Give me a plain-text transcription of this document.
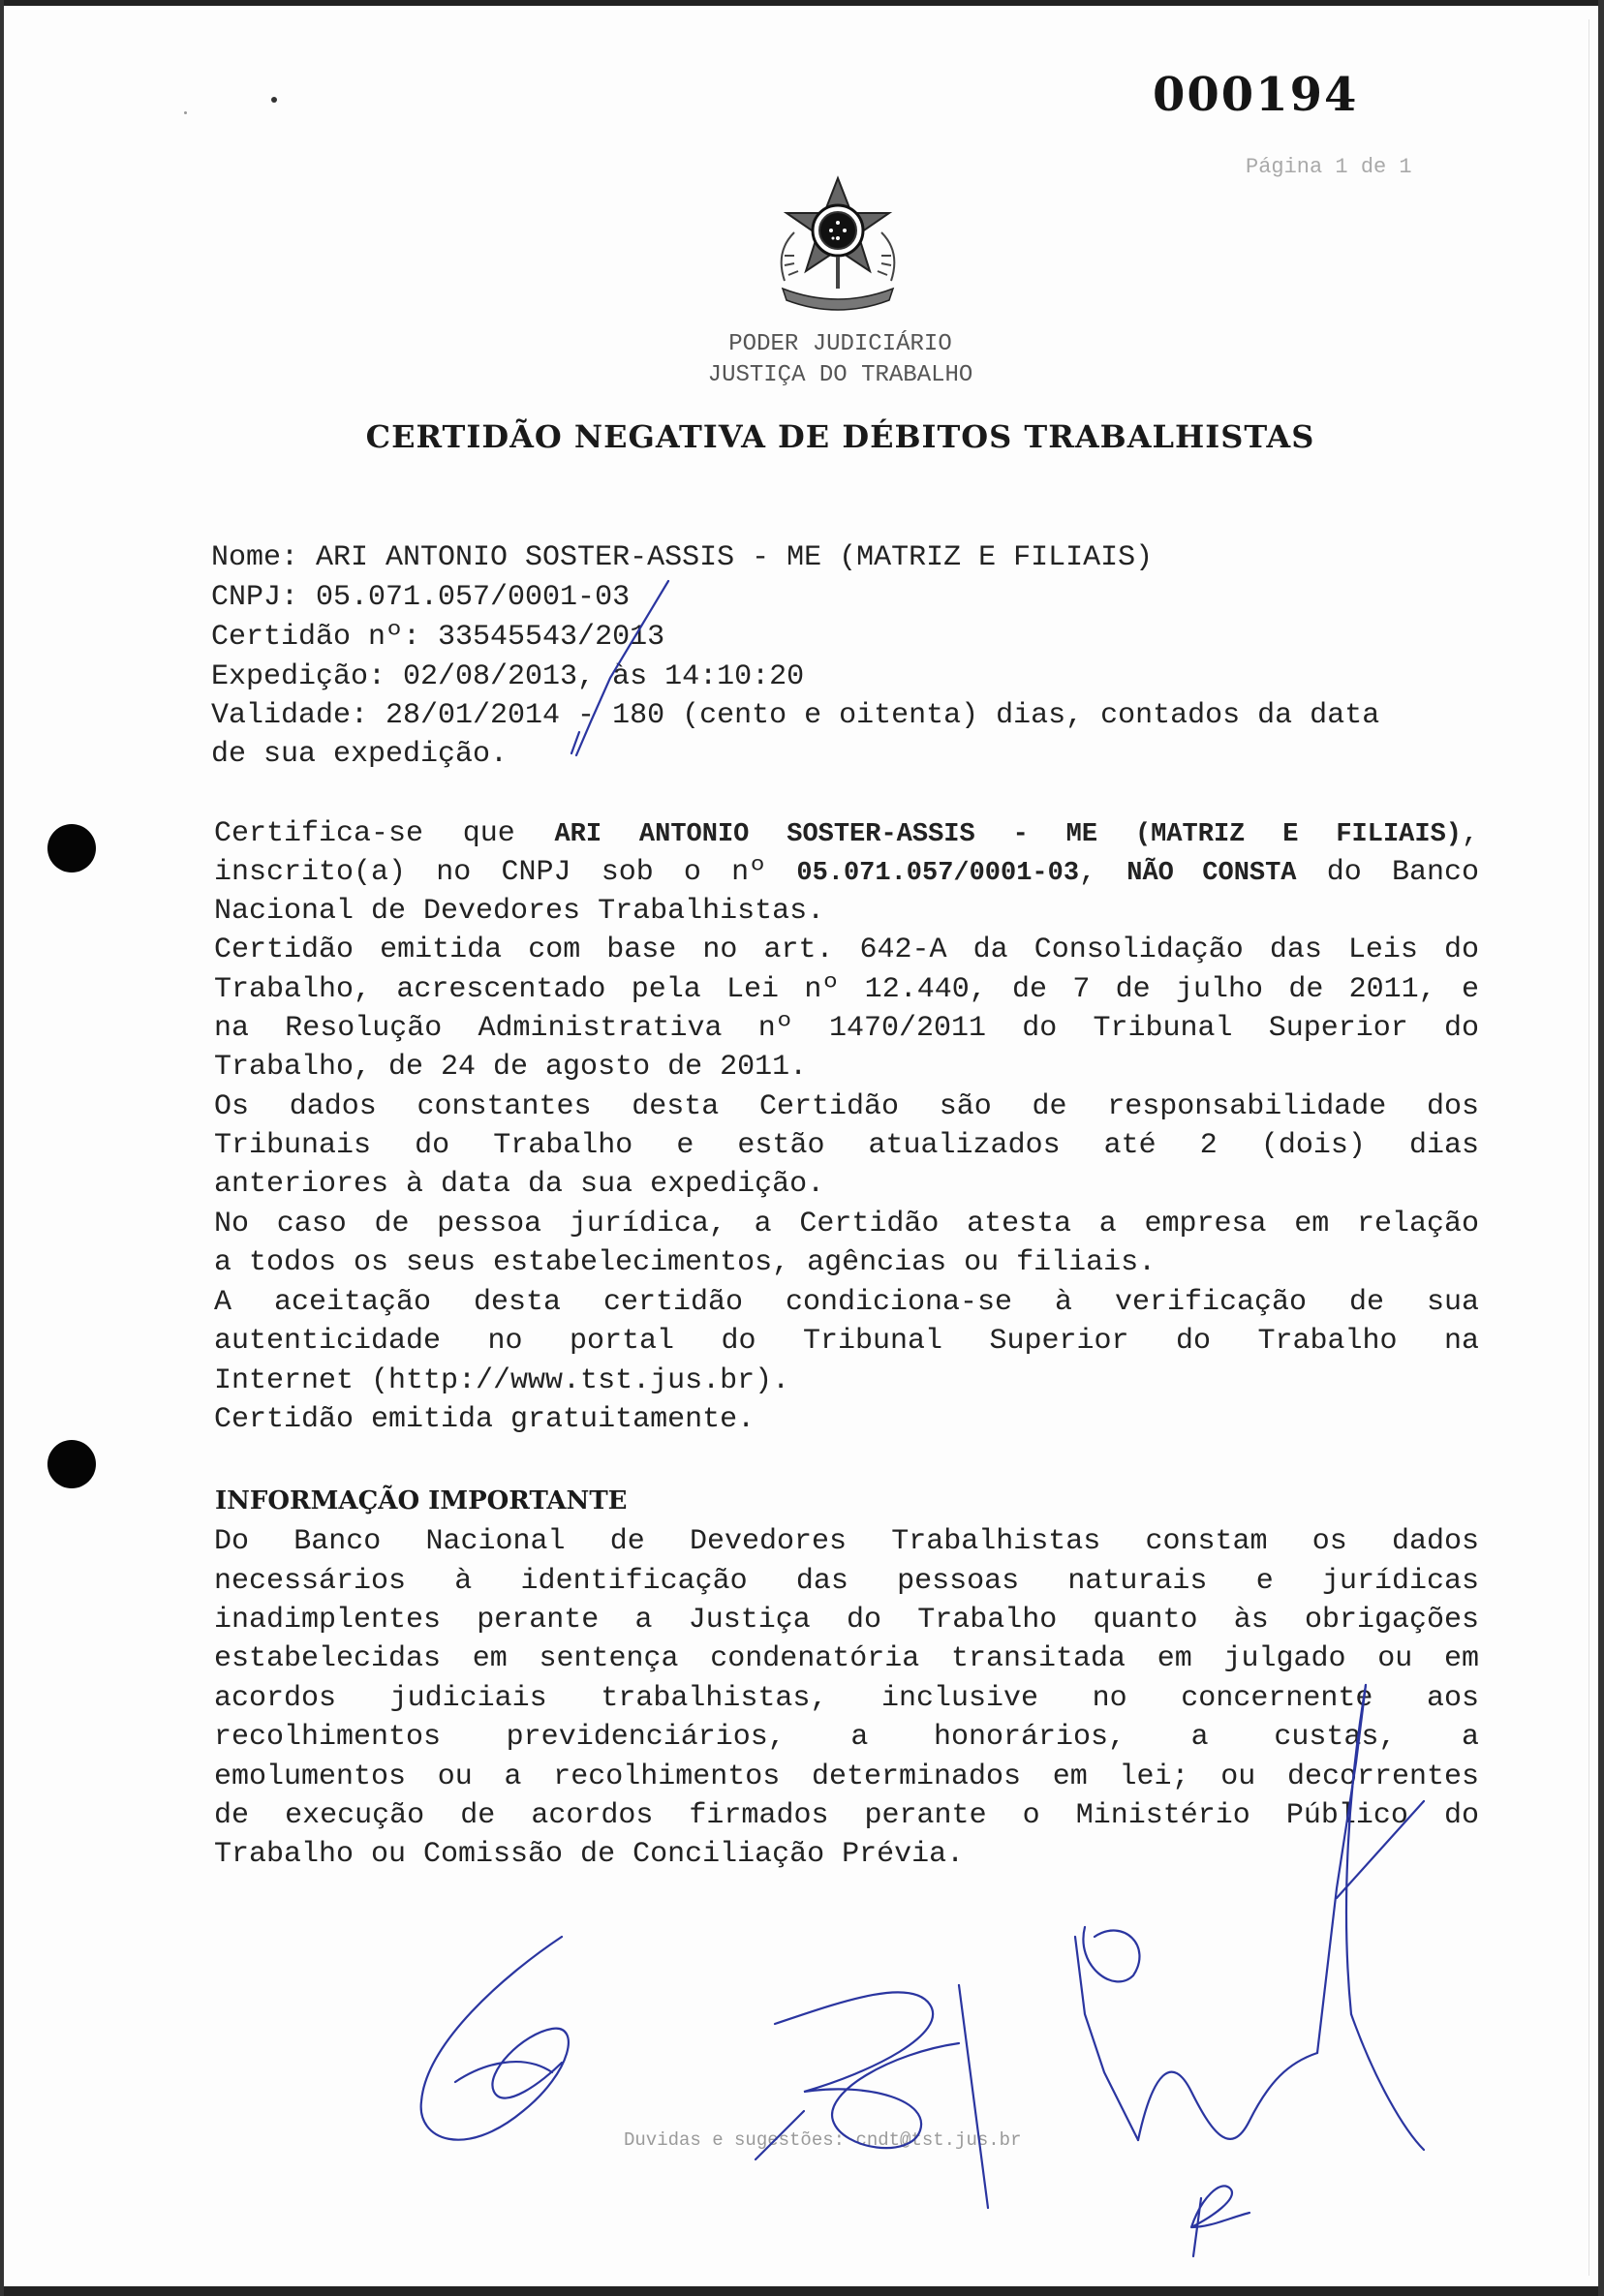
000194
Página 1 de 1
PODER JUDICIÁRIO
JUSTIÇA DO TRABALHO
CERTIDÃO NEGATIVA DE DÉBITOS TRABALHISTAS
Nome: ARI ANTONIO SOSTER-ASSIS - ME (MATRIZ E FILIAIS)
CNPJ: 05.071.057/0001-03
Certidão nº: 33545543/2013
Expedição: 02/08/2013, às 14:10:20
Validade: 28/01/2014 - 180 (cento e oitenta) dias, contados da data
de sua expedição.
Certifica-se que ARI ANTONIO SOSTER-ASSIS - ME (MATRIZ E FILIAIS),
inscrito(a) no CNPJ sob o nº 05.071.057/0001-03, NÃO CONSTA do Banco
Nacional de Devedores Trabalhistas.
Certidão emitida com base no art. 642-A da Consolidação das Leis do
Trabalho, acrescentado pela Lei nº 12.440, de 7 de julho de 2011, e
na Resolução Administrativa nº 1470/2011 do Tribunal Superior do
Trabalho, de 24 de agosto de 2011.
Os dados constantes desta Certidão são de responsabilidade dos
Tribunais do Trabalho e estão atualizados até 2 (dois) dias
anteriores à data da sua expedição.
No caso de pessoa jurídica, a Certidão atesta a empresa em relação
a todos os seus estabelecimentos, agências ou filiais.
A aceitação desta certidão condiciona-se à verificação de sua
autenticidade no portal do Tribunal Superior do Trabalho na
Internet (http://www.tst.jus.br).
Certidão emitida gratuitamente.
INFORMAÇÃO IMPORTANTE
Do Banco Nacional de Devedores Trabalhistas constam os dados
necessários à identificação das pessoas naturais e jurídicas
inadimplentes perante a Justiça do Trabalho quanto às obrigações
estabelecidas em sentença condenatória transitada em julgado ou em
acordos judiciais trabalhistas, inclusive no concernente aos
recolhimentos previdenciários, a honorários, a custas, a
emolumentos ou a recolhimentos determinados em lei; ou decorrentes
de execução de acordos firmados perante o Ministério Público do
Trabalho ou Comissão de Conciliação Prévia.
Duvidas e sugestões: cndt@tst.jus.br
